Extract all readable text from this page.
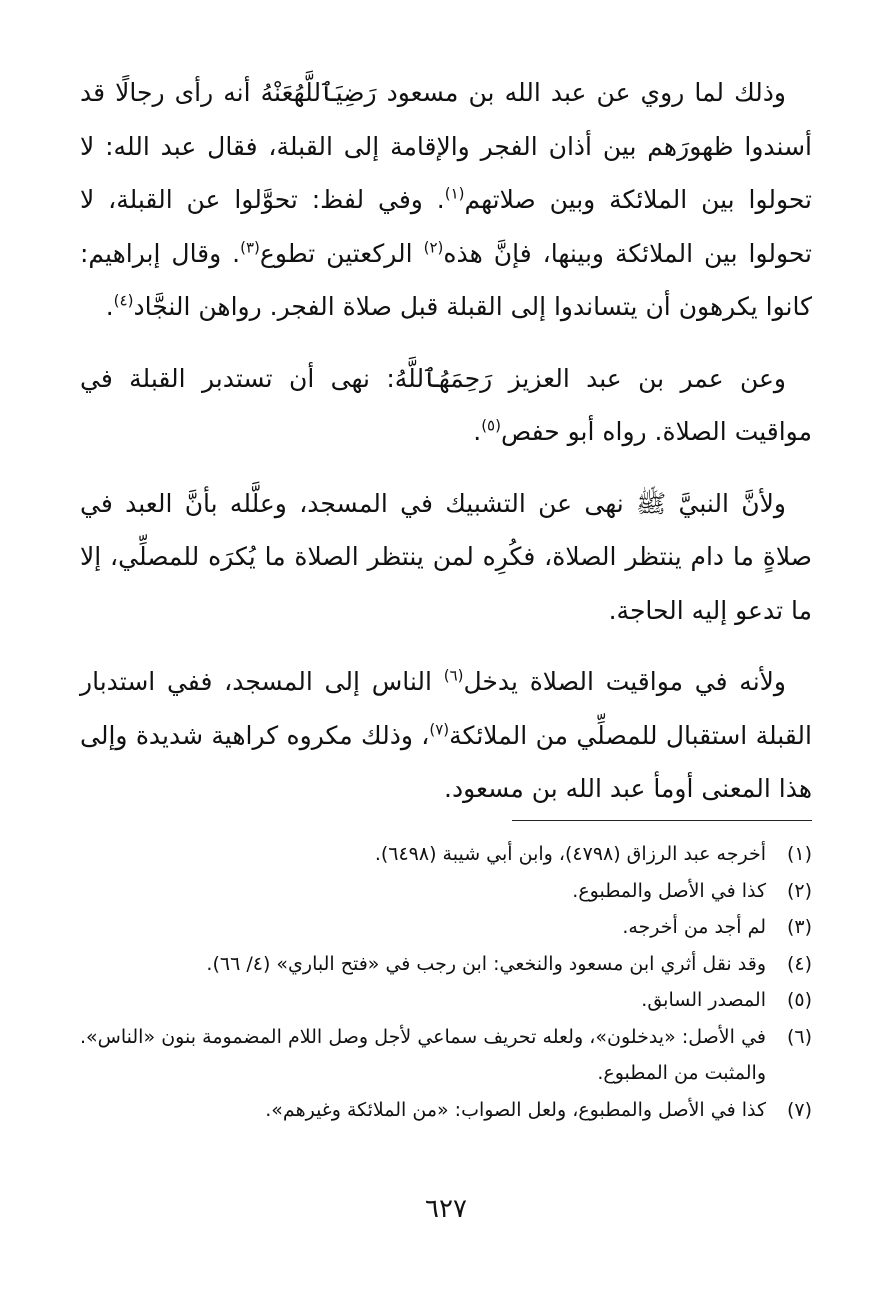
وذلك لما روي عن عبد الله بن مسعود رَضِيَٱللَّهُعَنْهُ أنه رأى رجالًا قد أسندوا ظهورَهم بين أذان الفجر والإقامة إلى القبلة، فقال عبد الله: لا تحولوا بين الملائكة وبين صلاتهم$^{(١)}$. وفي لفظ: تحوَّلوا عن القبلة، لا تحولوا بين الملائكة وبينها، فإنَّ هذه$^{(٢)}$ الركعتين تطوع$^{(٣)}$. وقال إبراهيم: كانوا يكرهون أن يتساندوا إلى القبلة قبل صلاة الفجر. رواهن النجَّاد$^{(٤)}$.

وعن عمر بن عبد العزيز رَحِمَهُٱللَّهُ: نهى أن تستدبر القبلة في مواقيت الصلاة. رواه أبو حفص$^{(٥)}$.

ولأنَّ النبيَّ ﷺ نهى عن التشبيك في المسجد، وعلَّله بأنَّ العبد في صلاةٍ ما دام ينتظر الصلاة، فكُرِه لمن ينتظر الصلاة ما يُكرَه للمصلِّي، إلا ما تدعو إليه الحاجة.

ولأنه في مواقيت الصلاة يدخل$^{(٦)}$ الناس إلى المسجد، ففي استدبار القبلة استقبال للمصلِّي من الملائكة$^{(٧)}$، وذلك مكروه كراهية شديدة وإلى هذا المعنى أومأ عبد الله بن مسعود.

(١)
أخرجه عبد الرزاق (٤٧٩٨)، وابن أبي شيبة (٦٤٩٨).
(٢)
كذا في الأصل والمطبوع.
(٣)
لم أجد من أخرجه.
(٤)
وقد نقل أثري ابن مسعود والنخعي: ابن رجب في «فتح الباري» (٤/ ٦٦).
(٥)
المصدر السابق.
(٦)
في الأصل: «يدخلون»، ولعله تحريف سماعي لأجل وصل اللام المضمومة بنون «الناس». والمثبت من المطبوع.
(٧)
كذا في الأصل والمطبوع، ولعل الصواب: «من الملائكة وغيرهم».
٦٢٧
